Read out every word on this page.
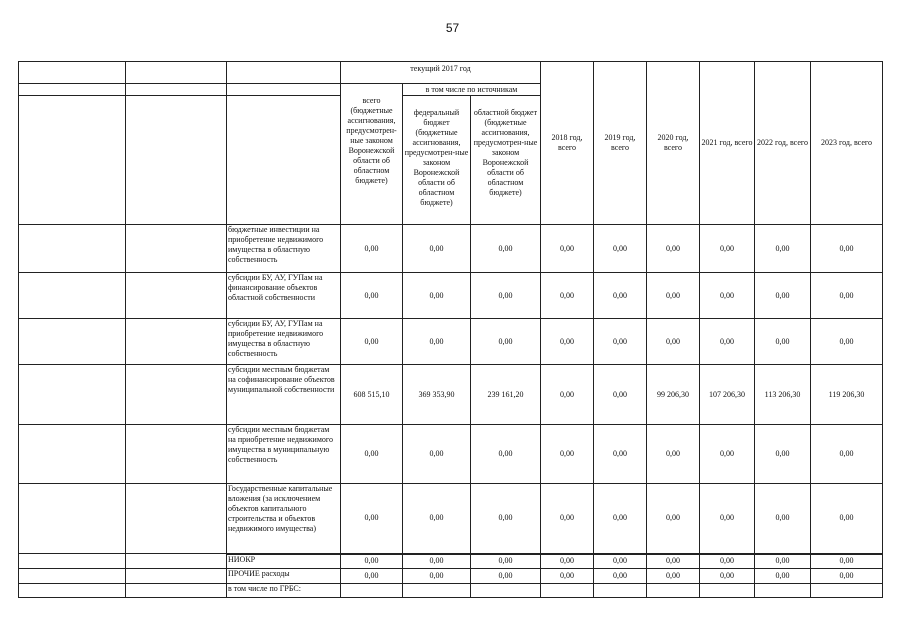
57
			текущий 2017 год			2018 год, всего	2019 год, всего	2020 год, всего	2021 год, всего	2022 год, всего	2023 год, всего
			всего (бюджетные ассигнования, предусмотрен-ные законом Воронежской области об областном бюджете)	в том числе по источникам							
				федеральный бюджет (бюджетные ассигнования, предусмотрен-ные законом Воронежской области об областном бюджете)	областной бюджет (бюджетные ассигнования, предусмотрен-ные законом Воронежской области об областном бюджете)						
		бюджетные инвестиции на приобретение недвижимого имущества в областную собственность	0,00	0,00	0,00	0,00	0,00	0,00	0,00	0,00	0,00
		субсидии БУ, АУ, ГУПам на финансирование объектов областной собственности	0,00	0,00	0,00	0,00	0,00	0,00	0,00	0,00	0,00
		субсидии БУ, АУ, ГУПам на приобретение недвижимого имущества в областную собственность	0,00	0,00	0,00	0,00	0,00	0,00	0,00	0,00	0,00
		субсидии местным бюджетам на софинансирование объектов муниципальной собственности	608 515,10	369 353,90	239 161,20	0,00	0,00	99 206,30	107 206,30	113 206,30	119 206,30
		субсидии местным бюджетам на приобретение недвижимого имущества в муниципальную собственность	0,00	0,00	0,00	0,00	0,00	0,00	0,00	0,00	0,00
		Государственные капитальные вложения (за исключением объектов капитального строительства и объектов недвижимого имущества)	0,00	0,00	0,00	0,00	0,00	0,00	0,00	0,00	0,00
		НИОКР	0,00	0,00	0,00	0,00	0,00	0,00	0,00	0,00	0,00
		ПРОЧИЕ расходы	0,00	0,00	0,00	0,00	0,00	0,00	0,00	0,00	0,00
		в том числе по ГРБС:									
